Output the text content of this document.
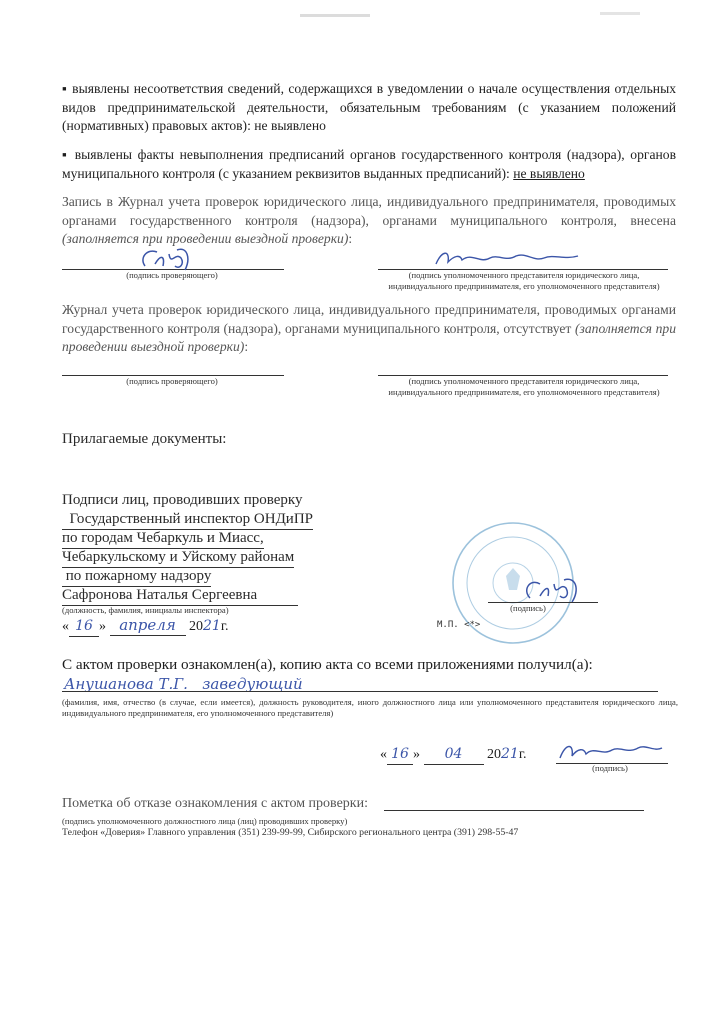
▪ выявлены несоответствия сведений, содержащихся в уведомлении о начале осуществления отдельных видов предпринимательской деятельности, обязательным требованиям (с указанием положений (нормативных) правовых актов): не выявлено
▪ выявлены факты невыполнения предписаний органов государственного контроля (надзора), органов муниципального контроля (с указанием реквизитов выданных предписаний): не выявлено
Запись в Журнал учета проверок юридического лица, индивидуального предпринимателя, проводимых органами государственного контроля (надзора), органами муниципального контроля, внесена (заполняется при проведении выездной проверки):
(подпись проверяющего)	(подпись уполномоченного представителя юридического лица, индивидуального предпринимателя, его уполномоченного представителя)
Журнал учета проверок юридического лица, индивидуального предпринимателя, проводимых органами государственного контроля (надзора), органами муниципального контроля, отсутствует (заполняется при проведении выездной проверки):
(подпись проверяющего)	(подпись уполномоченного представителя юридического лица, индивидуального предпринимателя, его уполномоченного представителя)
Прилагаемые документы:
Подписи лиц, проводивших проверку
Государственный инспектор ОНДиПР
по городам Чебаркуль и Миасс,
Чебаркульскому и Уйскому районам
по пожарному надзору
Сафронова Наталья Сергеевна
(должность, фамилия, инициалы инспектора)	(подпись)
« 16 » апреля 2021г.	М.П. <*>
С актом проверки ознакомлен(а), копию акта со всеми приложениями получил(а):
Анушанова Т.Г.   заведующий
(фамилия, имя, отчество (в случае, если имеется), должность руководителя, иного должностного лица или уполномоченного представителя юридического лица, индивидуального предпринимателя, его уполномоченного представителя)
« 16 » 04 2021г.
(подпись)
Пометка об отказе ознакомления с актом проверки:
(подпись уполномоченного должностного лица (лиц) проводивших проверку)
Телефон «Доверия» Главного управления (351) 239-99-99, Сибирского регионального центра (391) 298-55-47
